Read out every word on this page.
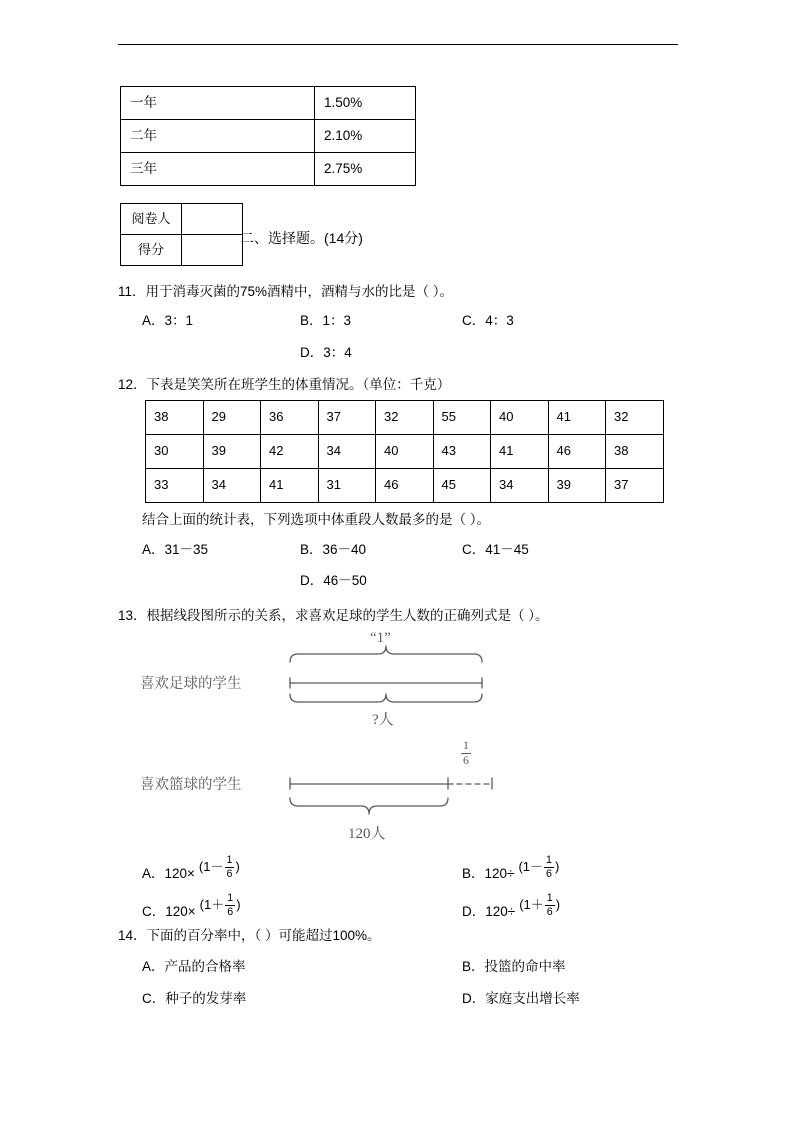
一年	1.50%
二年	2.10%
三年	2.75%
阅卷人	
得分	
二、选择题。(14分)
11．用于消毒灭菌的75%酒精中，酒精与水的比是（ ）。
A．3：1	B．1：3	C．4：3
D．3：4
12．下表是笑笑所在班学生的体重情况。（单位：千克）
38	29	36	37	32	55	40	41	32
30	39	42	34	40	43	41	46	38
33	34	41	31	46	45	34	39	37
结合上面的统计表，下列选项中体重段人数最多的是（ ）。
A．31－35	B．36－40	C．41－45
D．46－50
13．根据线段图所示的关系，求喜欢足球的学生人数的正确列式是（ ）。
喜欢足球的学生
喜欢篮球的学生
“1”
?人
120人
$\frac{1}{6}$
A．$120\times (1- \frac{1}{6}$ )	B．$120\div (1- \frac{1}{6}$ )
C．$120\times (1+ \frac{1}{6}$ )	D．$120\div (1+ \frac{1}{6}$ )
14．下面的百分率中，（ ）可能超过100%。
A．产品的合格率	B．投篮的命中率
C．种子的发芽率	D．家庭支出增长率
